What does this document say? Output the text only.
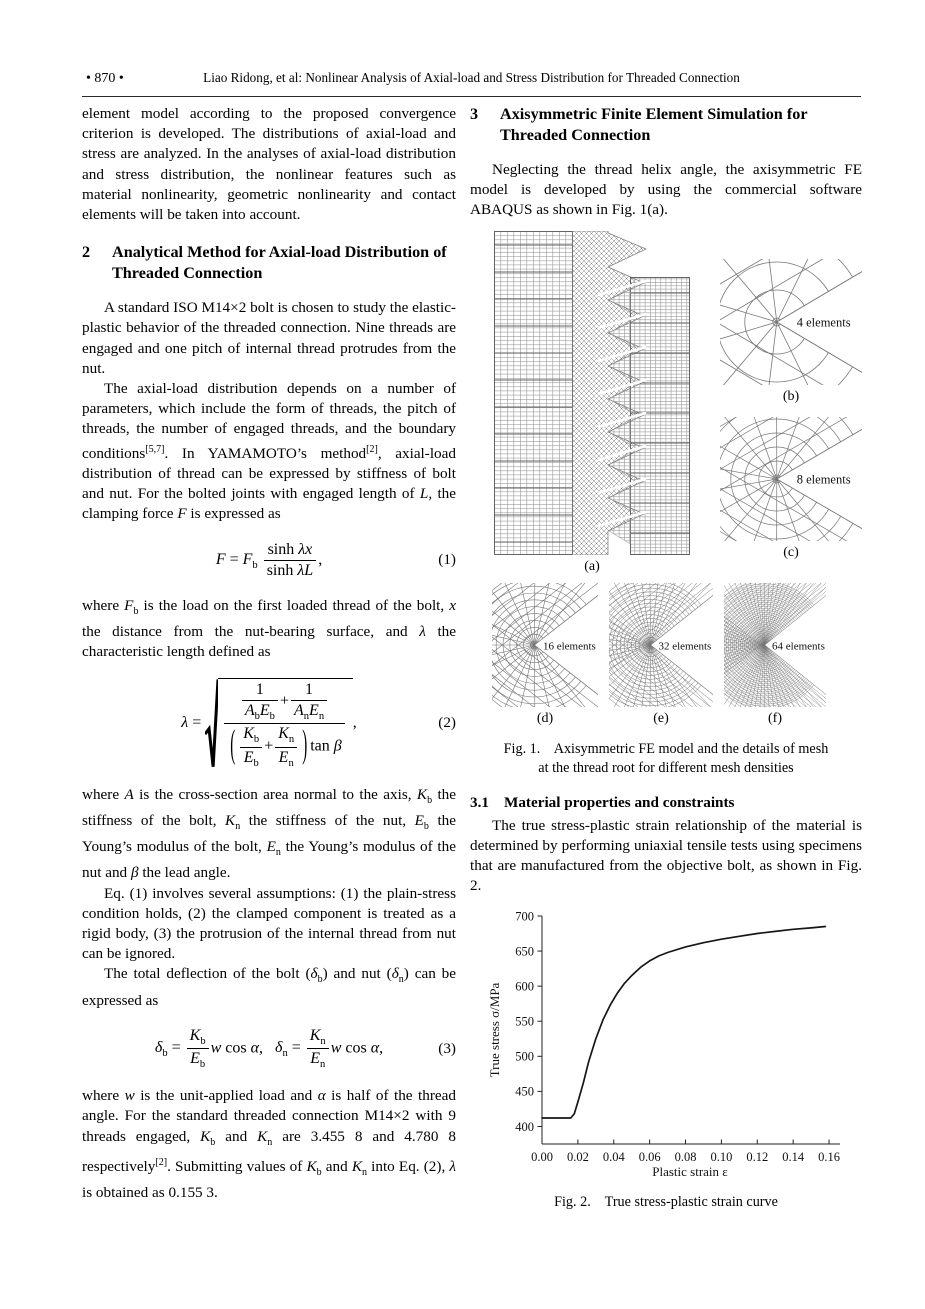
• 870 •	Liao Ridong, et al: Nonlinear Analysis of Axial-load and Stress Distribution for Threaded Connection

element model according to the proposed convergence criterion is developed. The distributions of axial-load and stress are analyzed. In the analyses of axial-load distribution and stress distribution, the nonlinear features such as material nonlinearity, geometric nonlinearity and contact elements will be taken into account.

2	Analytical Method for Axial-load Distribution of Threaded Connection

A standard ISO M14×2 bolt is chosen to study the elastic-plastic behavior of the threaded connection. Nine threads are engaged and one pitch of internal thread protrudes from the nut.

The axial-load distribution depends on a number of parameters, which include the form of threads, the pitch of threads, the number of engaged threads, and the boundary conditions[5,7]. In YAMAMOTO’s method[2], axial-load distribution of thread can be expressed by stiffness of bolt and nut. For the bolted joints with engaged length of L, the clamping force F is expressed as

$F = F_b \frac{\text{sinh λx}}{\text{sinh λL}}$ ,	(1)

where $F_b$ is the load on the first loaded thread of the bolt, x the distance from the nut-bearing surface, and λ the characteristic length defined as

λ =
$\frac{1}{A_bE_b} + \frac{1}{A_nE_n}$
( $\frac{K_b}{E_b} + \frac{K_n}{E_n}$ ) tan β
,	(2)

where A is the cross-section area normal to the axis, $K_b$ the stiffness of the bolt, $K_n$ the stiffness of the nut, $E_b$ the Young’s modulus of the bolt, $E_n$ the Young’s modulus of the nut and β the lead angle.

Eq. (1) involves several assumptions: (1) the plain-stress condition holds, (2) the clamped component is treated as a rigid body, (3) the protrusion of the internal thread from nut can be ignored.

The total deflection of the bolt $(\delta_b)$ and nut $(\delta_n)$ can be expressed as

$\delta_b = \frac{K_b}{E_b}$ w cos α,   $\delta_n = \frac{K_n}{E_n}$ w cos α,	(3)

where w is the unit-applied load and α is half of the thread angle. For the standard threaded connection M14×2 with 9 threads engaged, $K_b$ and $K_n$ are 3.455 8 and 4.780 8 respectively[2]. Submitting values of $K_b$ and $K_n$ into Eq. (2), λ is obtained as 0.155 3.

3	Axisymmetric Finite Element Simulation for Threaded Connection

Neglecting the thread helix angle, the axisymmetric FE model is developed by using the commercial software ABAQUS as shown in Fig. 1(a).

(a)
4 elements
(b)
8 elements
(c)
16 elements
(d)
32 elements
(e)
64 elements
(f)
Fig. 1.    Axisymmetric FE model and the details of mesh
at the thread root for different mesh densities
3.1 Material properties and constraints

The true stress-plastic strain relationship of the material is determined by performing uniaxial tensile tests using specimens that are manufactured from the objective bolt, as shown in Fig. 2.

400
450
500
550
600
650
700
0.00 0.02 0.04 0.06 0.08 0.10 0.12 0.14 0.16
True stress σ/MPa
Plastic strain ε
Fig. 2.    True stress-plastic strain curve
